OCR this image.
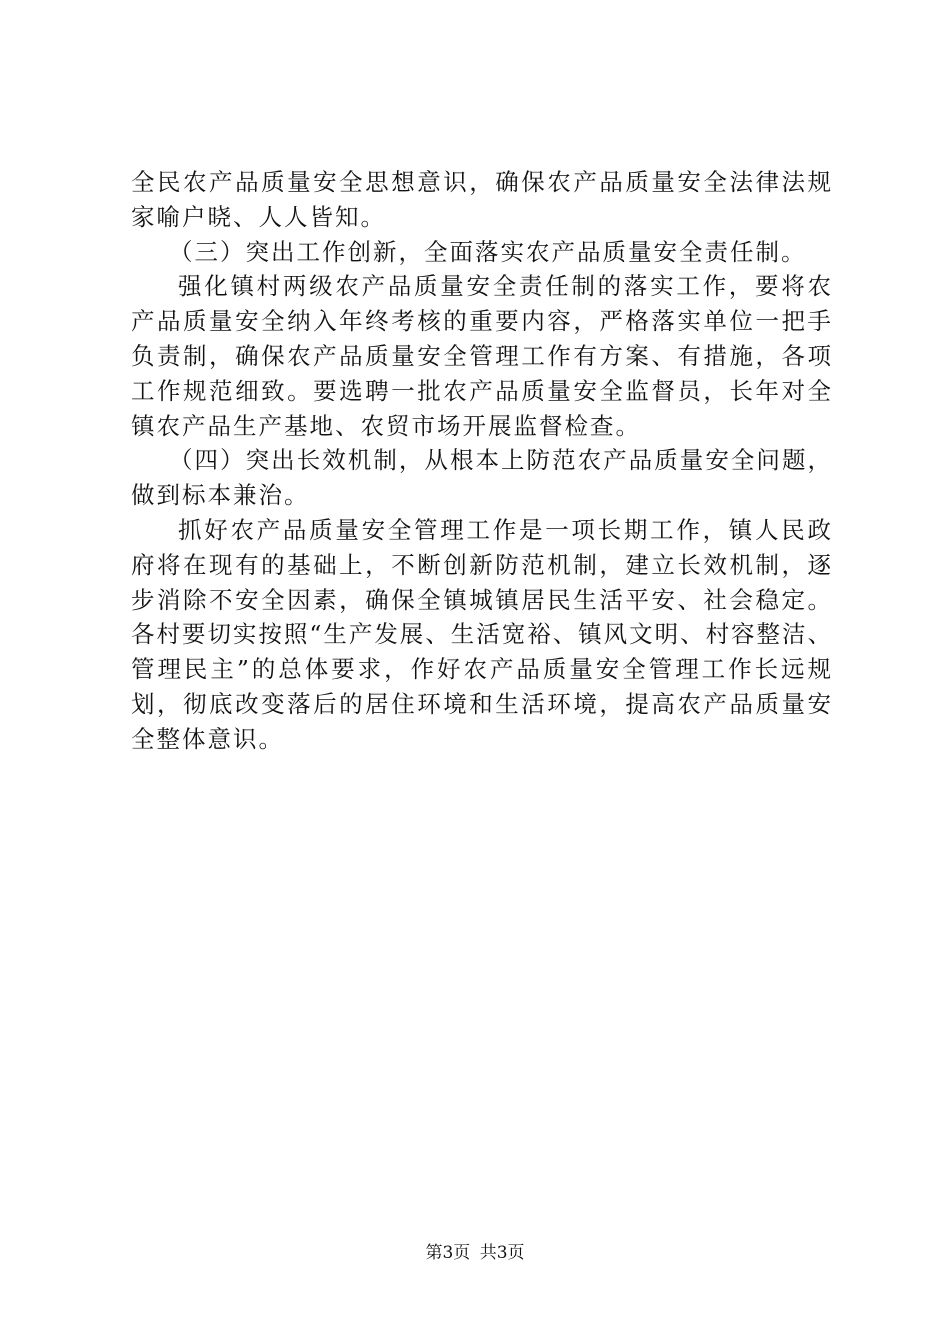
全民农产品质量安全思想意识，确保农产品质量安全法律法规
家喻户晓、人人皆知。
（三）突出工作创新，全面落实农产品质量安全责任制。
强化镇村两级农产品质量安全责任制的落实工作，要将农
产品质量安全纳入年终考核的重要内容，严格落实单位一把手
负责制，确保农产品质量安全管理工作有方案、有措施，各项
工作规范细致。要选聘一批农产品质量安全监督员，长年对全
镇农产品生产基地、农贸市场开展监督检查。
（四）突出长效机制，从根本上防范农产品质量安全问题，
做到标本兼治。
抓好农产品质量安全管理工作是一项长期工作，镇人民政
府将在现有的基础上，不断创新防范机制，建立长效机制，逐
步消除不安全因素，确保全镇城镇居民生活平安、社会稳定。
各村要切实按照“生产发展、生活宽裕、镇风文明、村容整洁、
管理民主”的总体要求，作好农产品质量安全管理工作长远规
划，彻底改变落后的居住环境和生活环境，提高农产品质量安
全整体意识。
第3页 共3页
